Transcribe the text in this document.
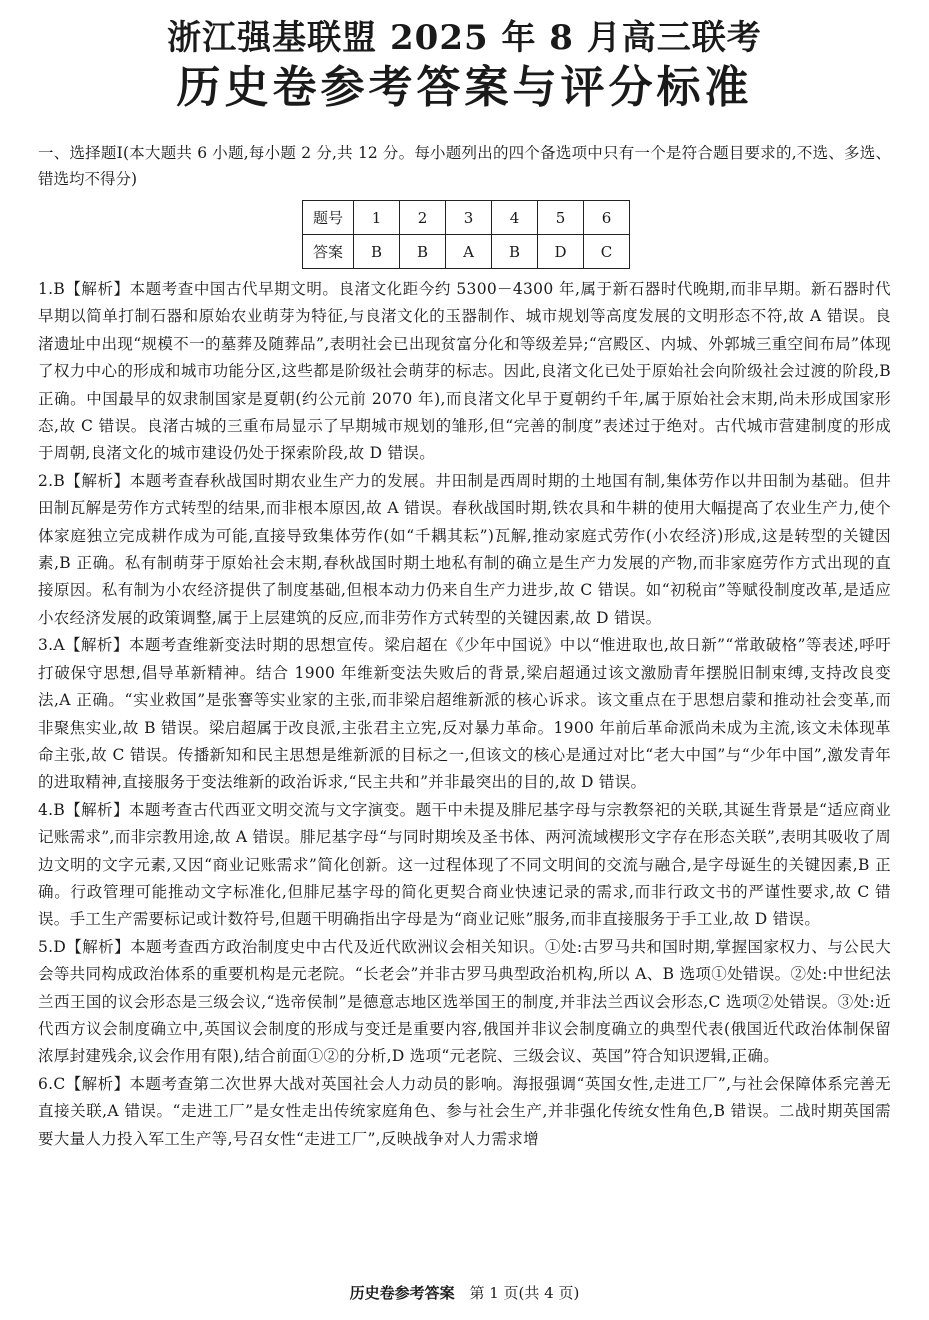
浙江强基联盟 2025 年 8 月高三联考
历史卷参考答案与评分标准
一、选择题Ⅰ(本大题共 6 小题,每小题 2 分,共 12 分。每小题列出的四个备选项中只有一个是符合题目要求的,不选、多选、错选均不得分)
题号	1	2	3	4	5	6
答案	B	B	A	B	D	C

1.B【解析】本题考查中国古代早期文明。良渚文化距今约 5300－4300 年,属于新石器时代晚期,而非早期。新石器时代早期以简单打制石器和原始农业萌芽为特征,与良渚文化的玉器制作、城市规划等高度发展的文明形态不符,故 A 错误。良渚遗址中出现“规模不一的墓葬及随葬品”,表明社会已出现贫富分化和等级差异;“宫殿区、内城、外郭城三重空间布局”体现了权力中心的形成和城市功能分区,这些都是阶级社会萌芽的标志。因此,良渚文化已处于原始社会向阶级社会过渡的阶段,B 正确。中国最早的奴隶制国家是夏朝(约公元前 2070 年),而良渚文化早于夏朝约千年,属于原始社会末期,尚未形成国家形态,故 C 错误。良渚古城的三重布局显示了早期城市规划的雏形,但“完善的制度”表述过于绝对。古代城市营建制度的形成于周朝,良渚文化的城市建设仍处于探索阶段,故 D 错误。

2.B【解析】本题考查春秋战国时期农业生产力的发展。井田制是西周时期的土地国有制,集体劳作以井田制为基础。但井田制瓦解是劳作方式转型的结果,而非根本原因,故 A 错误。春秋战国时期,铁农具和牛耕的使用大幅提高了农业生产力,使个体家庭独立完成耕作成为可能,直接导致集体劳作(如“千耦其耘”)瓦解,推动家庭式劳作(小农经济)形成,这是转型的关键因素,B 正确。私有制萌芽于原始社会末期,春秋战国时期土地私有制的确立是生产力发展的产物,而非家庭劳作方式出现的直接原因。私有制为小农经济提供了制度基础,但根本动力仍来自生产力进步,故 C 错误。如“初税亩”等赋役制度改革,是适应小农经济发展的政策调整,属于上层建筑的反应,而非劳作方式转型的关键因素,故 D 错误。

3.A【解析】本题考查维新变法时期的思想宣传。梁启超在《少年中国说》中以“惟进取也,故日新”“常敢破格”等表述,呼吁打破保守思想,倡导革新精神。结合 1900 年维新变法失败后的背景,梁启超通过该文激励青年摆脱旧制束缚,支持改良变法,A 正确。“实业救国”是张謇等实业家的主张,而非梁启超维新派的核心诉求。该文重点在于思想启蒙和推动社会变革,而非聚焦实业,故 B 错误。梁启超属于改良派,主张君主立宪,反对暴力革命。1900 年前后革命派尚未成为主流,该文未体现革命主张,故 C 错误。传播新知和民主思想是维新派的目标之一,但该文的核心是通过对比“老大中国”与“少年中国”,激发青年的进取精神,直接服务于变法维新的政治诉求,“民主共和”并非最突出的目的,故 D 错误。

4.B【解析】本题考查古代西亚文明交流与文字演变。题干中未提及腓尼基字母与宗教祭祀的关联,其诞生背景是“适应商业记账需求”,而非宗教用途,故 A 错误。腓尼基字母“与同时期埃及圣书体、两河流域楔形文字存在形态关联”,表明其吸收了周边文明的文字元素,又因“商业记账需求”简化创新。这一过程体现了不同文明间的交流与融合,是字母诞生的关键因素,B 正确。行政管理可能推动文字标准化,但腓尼基字母的简化更契合商业快速记录的需求,而非行政文书的严谨性要求,故 C 错误。手工生产需要标记或计数符号,但题干明确指出字母是为“商业记账”服务,而非直接服务于手工业,故 D 错误。

5.D【解析】本题考查西方政治制度史中古代及近代欧洲议会相关知识。①处:古罗马共和国时期,掌握国家权力、与公民大会等共同构成政治体系的重要机构是元老院。“长老会”并非古罗马典型政治机构,所以 A、B 选项①处错误。②处:中世纪法兰西王国的议会形态是三级会议,“选帝侯制”是德意志地区选举国王的制度,并非法兰西议会形态,C 选项②处错误。③处:近代西方议会制度确立中,英国议会制度的形成与变迁是重要内容,俄国并非议会制度确立的典型代表(俄国近代政治体制保留浓厚封建残余,议会作用有限),结合前面①②的分析,D 选项“元老院、三级会议、英国”符合知识逻辑,正确。

6.C【解析】本题考查第二次世界大战对英国社会人力动员的影响。海报强调“英国女性,走进工厂”,与社会保障体系完善无直接关联,A 错误。“走进工厂”是女性走出传统家庭角色、参与社会生产,并非强化传统女性角色,B 错误。二战时期英国需要大量人力投入军工生产等,号召女性“走进工厂”,反映战争对人力需求增

历史卷参考答案 第 1 页(共 4 页)
